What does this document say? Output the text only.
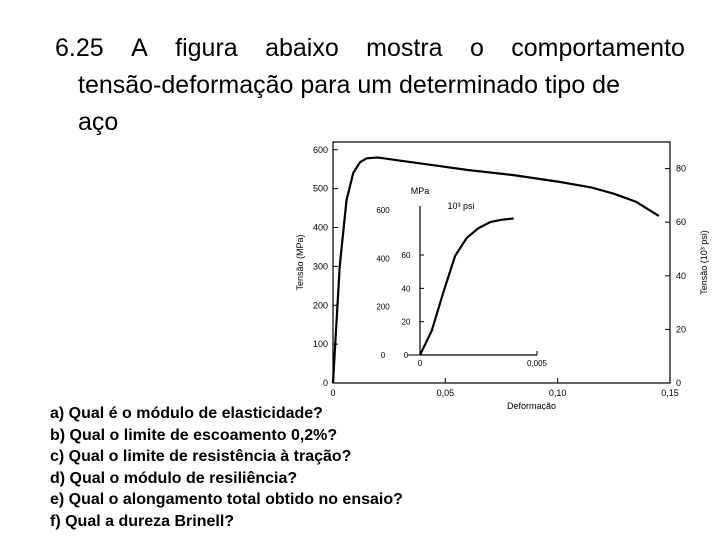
6.25 A figura abaixo mostra o comportamento
tensão-deformação para um determinado tipo de
aço
0
100
200
300
400
500
600
0
20
40
60
80
0	0,05	0,10	0,15
Deformação
Tensão (MPa)	Tensão (10³ psi)
0
200
400
600
0
20
40
60
0	0,005
MPa
10³ psi
a) Qual é o módulo de elasticidade?
b) Qual o limite de escoamento 0,2%?
c) Qual o limite de resistência à tração?
d) Qual o módulo de resiliência?
e) Qual o alongamento total obtido no ensaio?
f) Qual a dureza Brinell?
